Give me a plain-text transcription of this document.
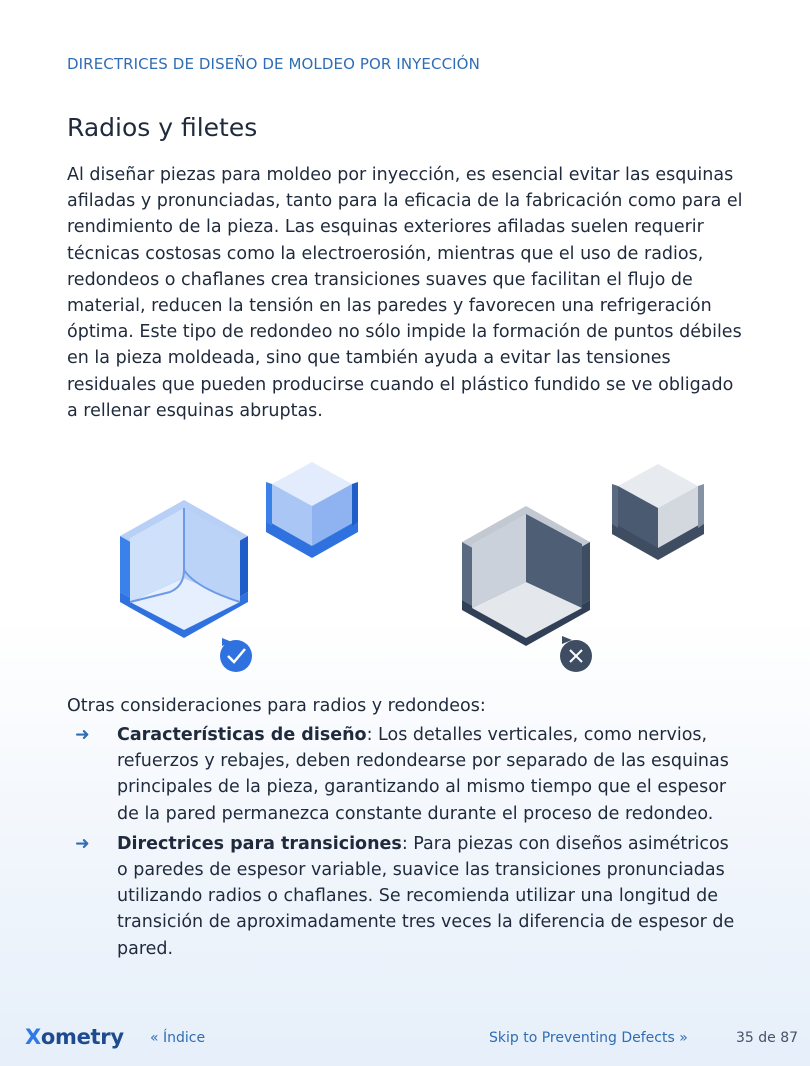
DIRECTRICES DE DISEÑO DE MOLDEO POR INYECCIÓN
Radios y filetes

Al diseñar piezas para moldeo por inyección, es esencial evitar las esquinas afiladas y pronunciadas, tanto para la eficacia de la fabricación como para el rendimiento de la pieza. Las esquinas exteriores afiladas suelen requerir técnicas costosas como la electroerosión, mientras que el uso de radios, redondeos o chaflanes crea transiciones suaves que facilitan el flujo de material, reducen la tensión en las paredes y favorecen una refrigeración óptima. Este tipo de redondeo no sólo impide la formación de puntos débiles en la pieza moldeada, sino que también ayuda a evitar las tensiones residuales que pueden producirse cuando el plástico fundido se ve obligado a rellenar esquinas abruptas.

Otras consideraciones para radios y redondeos:

➜ Características de diseño: Los detalles verticales, como nervios, refuerzos y rebajes, deben redondearse por separado de las esquinas principales de la pieza, garantizando al mismo tiempo que el espesor de la pared permanezca constante durante el proceso de redondeo.
➜ Directrices para transiciones: Para piezas con diseños asimétricos o paredes de espesor variable, suavice las transiciones pronunciadas utilizando radios o chaflanes. Se recomienda utilizar una longitud de transición de aproximadamente tres veces la diferencia de espesor de pared.
Xometry « Índice	Skip to Preventing Defects »	35 de 87
